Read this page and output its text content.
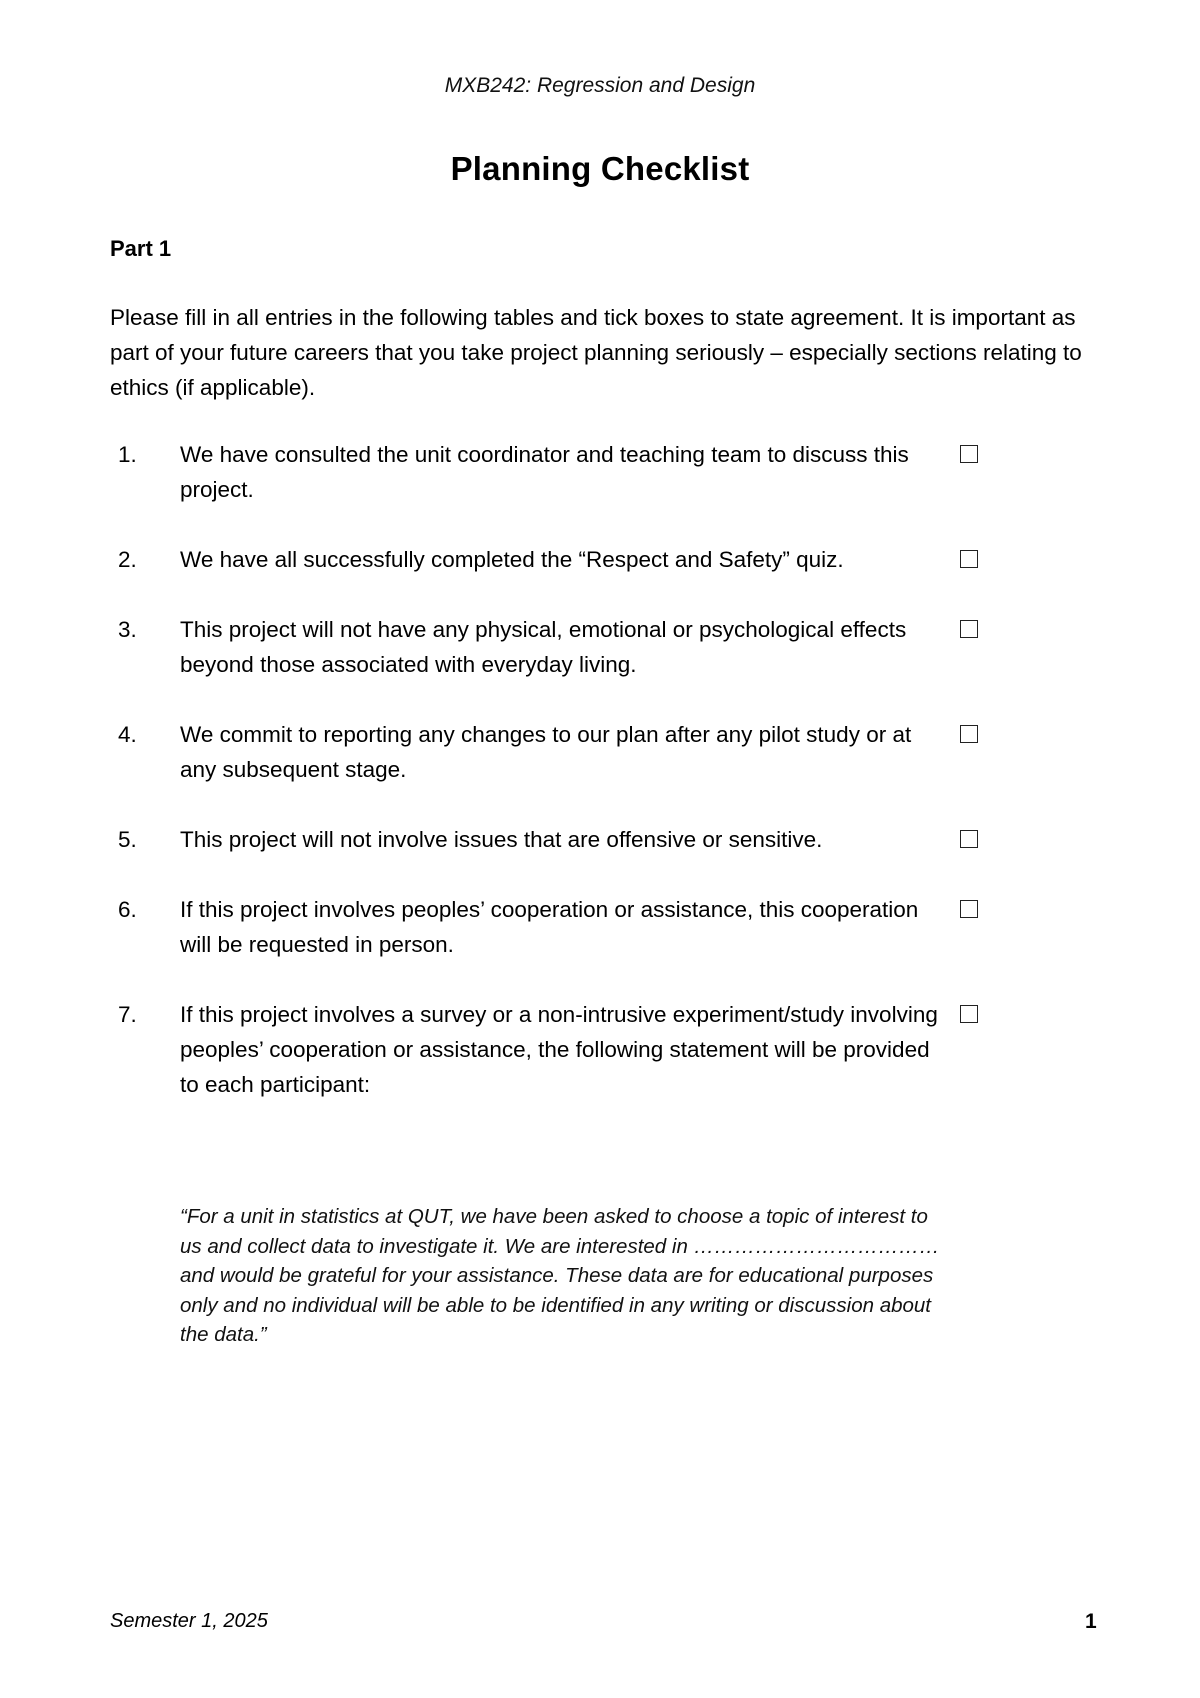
MXB242: Regression and Design
Planning Checklist
Part 1

Please fill in all entries in the following tables and tick boxes to state agreement. It is important as part of your future careers that you take project planning seriously – especially sections relating to ethics (if applicable).

1.	We have consulted the unit coordinator and teaching team to discuss this project.
2.	We have all successfully completed the “Respect and Safety” quiz.
3.	This project will not have any physical, emotional or psychological effects beyond those associated with everyday living.
4.	We commit to reporting any changes to our plan after any pilot study or at any subsequent stage.
5.	This project will not involve issues that are offensive or sensitive.
6.	If this project involves peoples’ cooperation or assistance, this cooperation will be requested in person.
7.	If this project involves a survey or a non-intrusive experiment/study involving peoples’ cooperation or assistance, the following statement will be provided to each participant:

“For a unit in statistics at QUT, we have been asked to choose a topic of interest to us and collect data to investigate it. We are interested in ……………………………… and would be grateful for your assistance. These data are for educational purposes only and no individual will be able to be identified in any writing or discussion about the data.”

Semester 1, 2025	1
